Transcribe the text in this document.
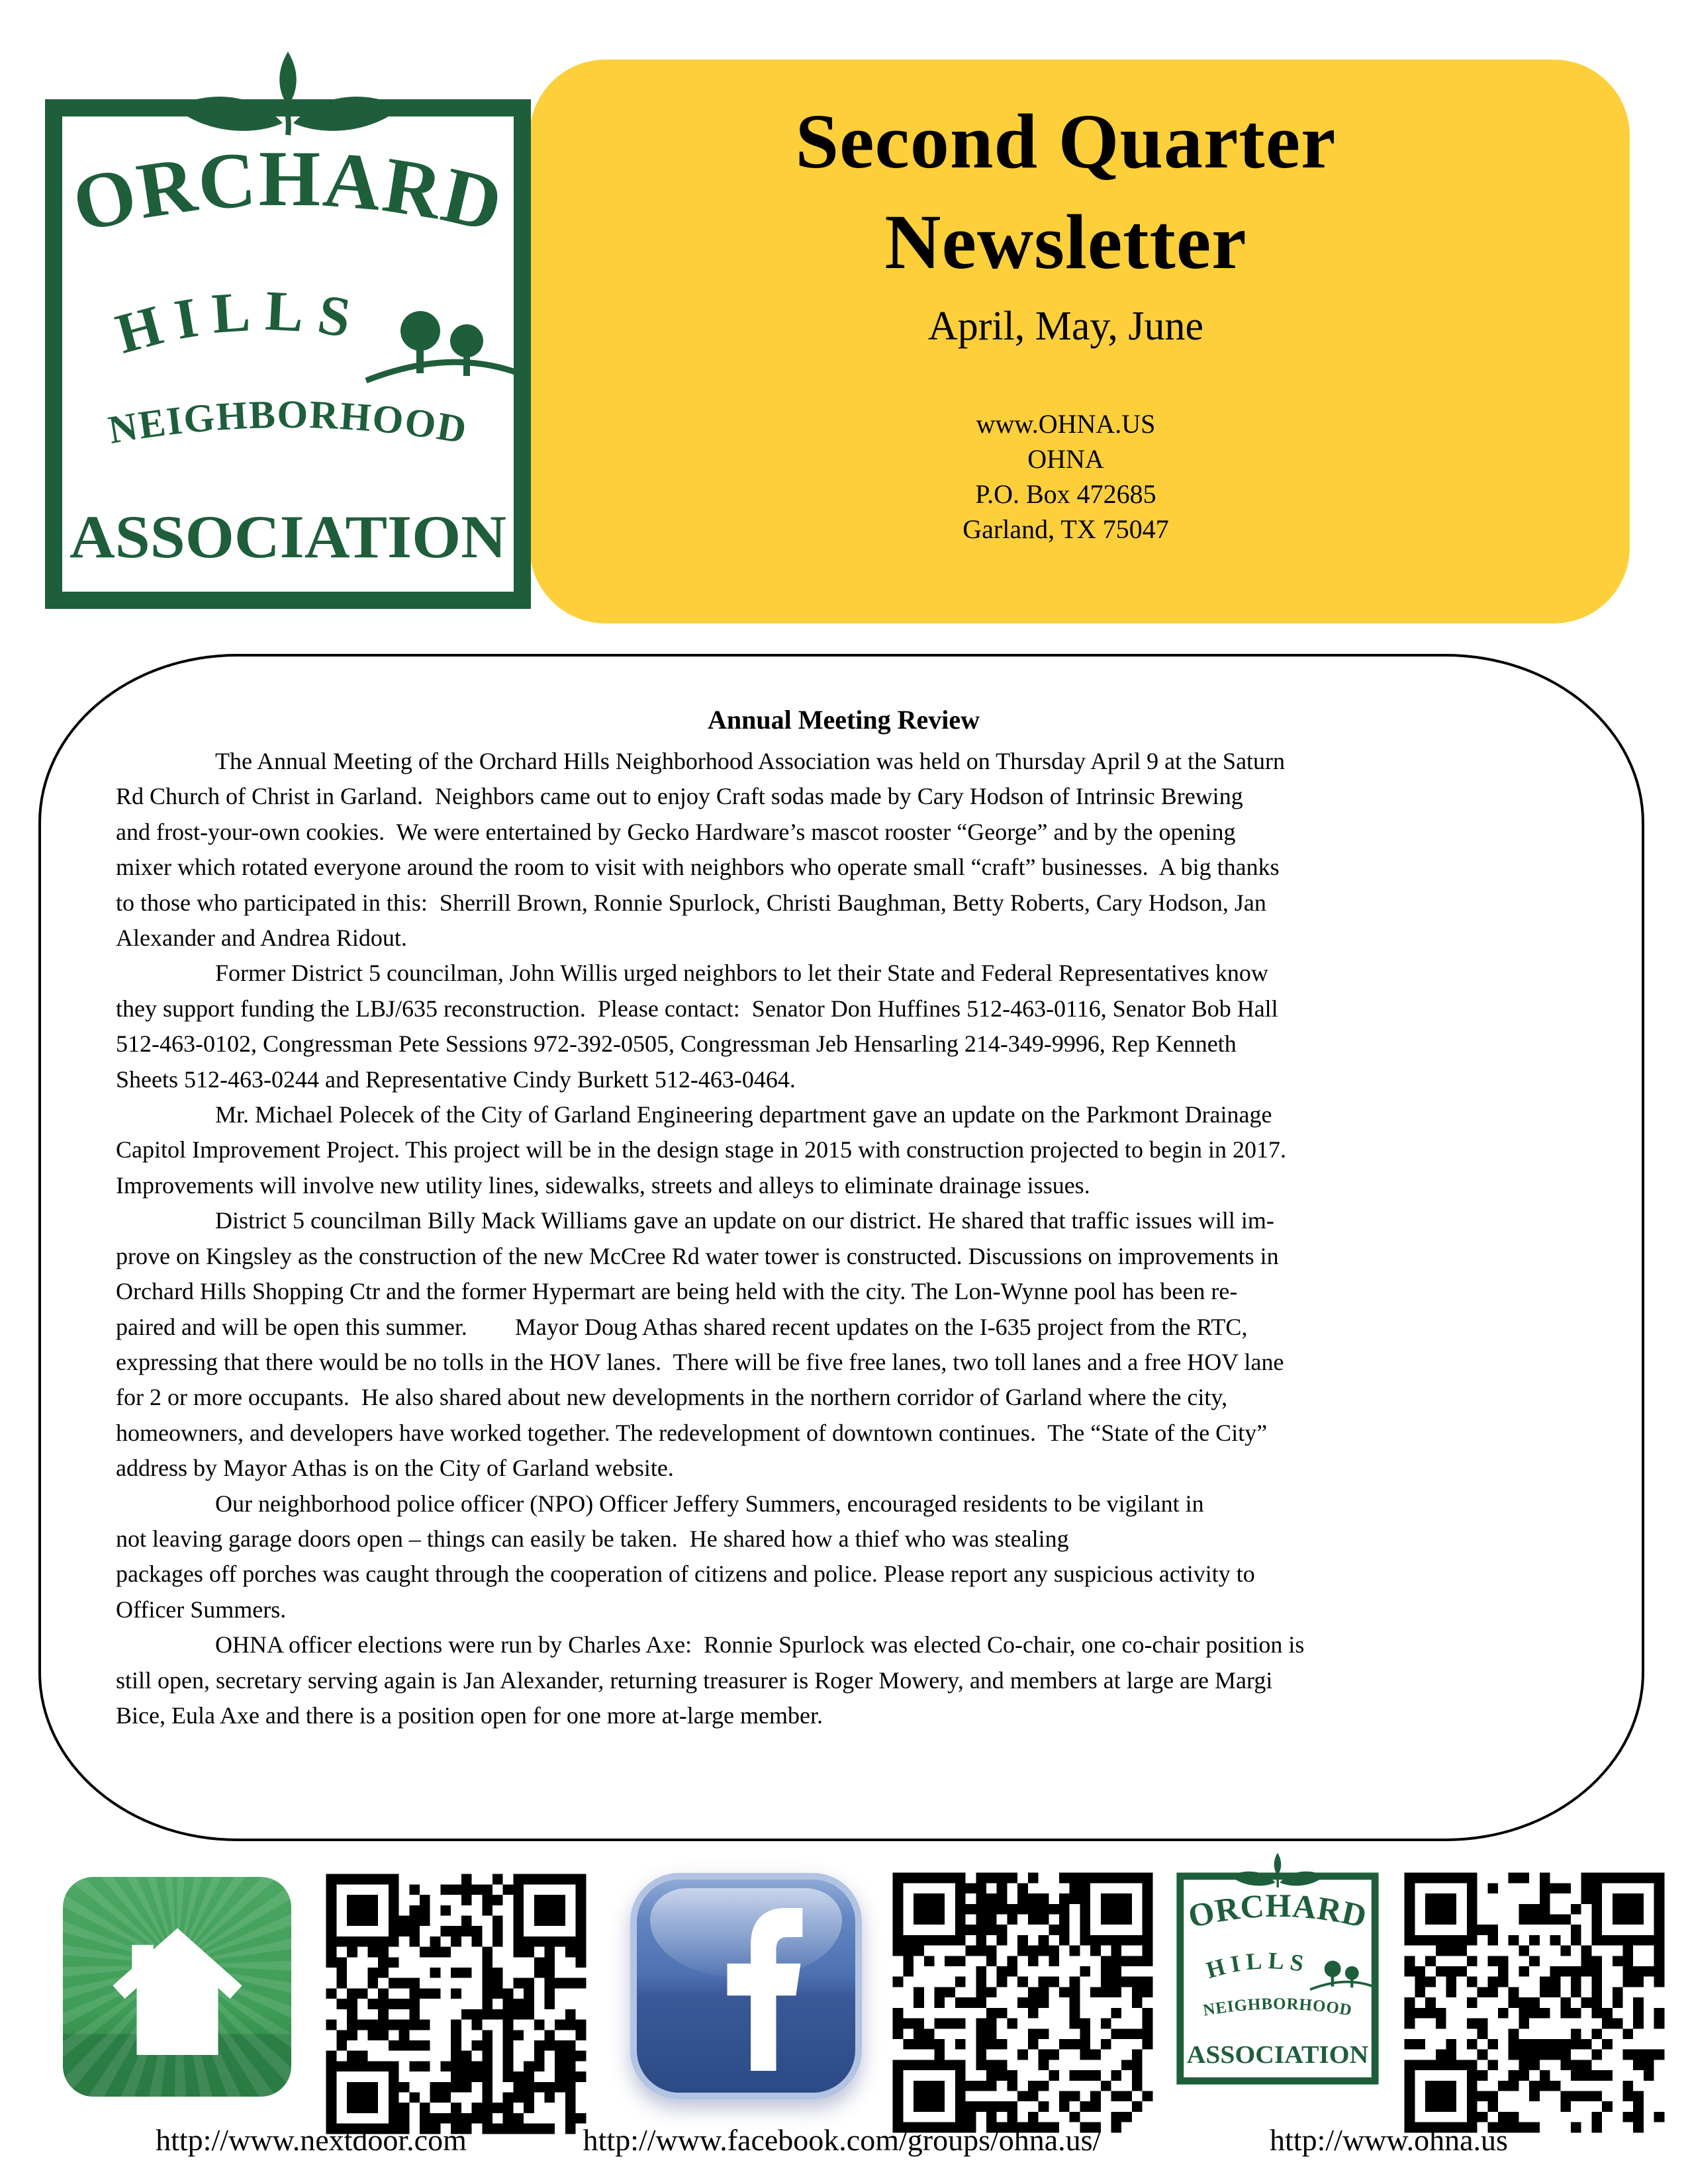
Second Quarter
Newsletter
April, May, June
www.OHNA.US
OHNA
P.O. Box 472685
Garland, TX 75047
ORCHARD
HILLS
NEIGHBORHOOD
ASSOCIATION
Annual Meeting Review
The Annual Meeting of the Orchard Hills Neighborhood Association was held on Thursday April 9 at the Saturn
Rd Church of Christ in Garland.  Neighbors came out to enjoy Craft sodas made by Cary Hodson of Intrinsic Brewing
and frost-your-own cookies.  We were entertained by Gecko Hardware’s mascot rooster “George” and by the opening
mixer which rotated everyone around the room to visit with neighbors who operate small “craft” businesses.  A big thanks
to those who participated in this:  Sherrill Brown, Ronnie Spurlock, Christi Baughman, Betty Roberts, Cary Hodson, Jan
Alexander and Andrea Ridout.
Former District 5 councilman, John Willis urged neighbors to let their State and Federal Representatives know
they support funding the LBJ/635 reconstruction.  Please contact:  Senator Don Huffines 512-463-0116, Senator Bob Hall
512-463-0102, Congressman Pete Sessions 972-392-0505, Congressman Jeb Hensarling 214-349-9996, Rep Kenneth
Sheets 512-463-0244 and Representative Cindy Burkett 512-463-0464.
Mr. Michael Polecek of the City of Garland Engineering department gave an update on the Parkmont Drainage
Capitol Improvement Project. This project will be in the design stage in 2015 with construction projected to begin in 2017.
Improvements will involve new utility lines, sidewalks, streets and alleys to eliminate drainage issues.
District 5 councilman Billy Mack Williams gave an update on our district. He shared that traffic issues will im-
prove on Kingsley as the construction of the new McCree Rd water tower is constructed. Discussions on improvements in
Orchard Hills Shopping Ctr and the former Hypermart are being held with the city. The Lon-Wynne pool has been re-
paired and will be open this summer.        Mayor Doug Athas shared recent updates on the I-635 project from the RTC,
expressing that there would be no tolls in the HOV lanes.  There will be five free lanes, two toll lanes and a free HOV lane
for 2 or more occupants.  He also shared about new developments in the northern corridor of Garland where the city,
homeowners, and developers have worked together. The redevelopment of downtown continues.  The “State of the City”
address by Mayor Athas is on the City of Garland website.
Our neighborhood police officer (NPO) Officer Jeffery Summers, encouraged residents to be vigilant in
not leaving garage doors open – things can easily be taken.  He shared how a thief who was stealing
packages off porches was caught through the cooperation of citizens and police. Please report any suspicious activity to
Officer Summers.
OHNA officer elections were run by Charles Axe:  Ronnie Spurlock was elected Co-chair, one co-chair position is
still open, secretary serving again is Jan Alexander, returning treasurer is Roger Mowery, and members at large are Margi
Bice, Eula Axe and there is a position open for one more at-large member.
ORCHARD
HILLS
NEIGHBORHOOD
ASSOCIATION
http://www.nextdoor.com	http://www.facebook.com/groups/ohna.us/	http://www.ohna.us
